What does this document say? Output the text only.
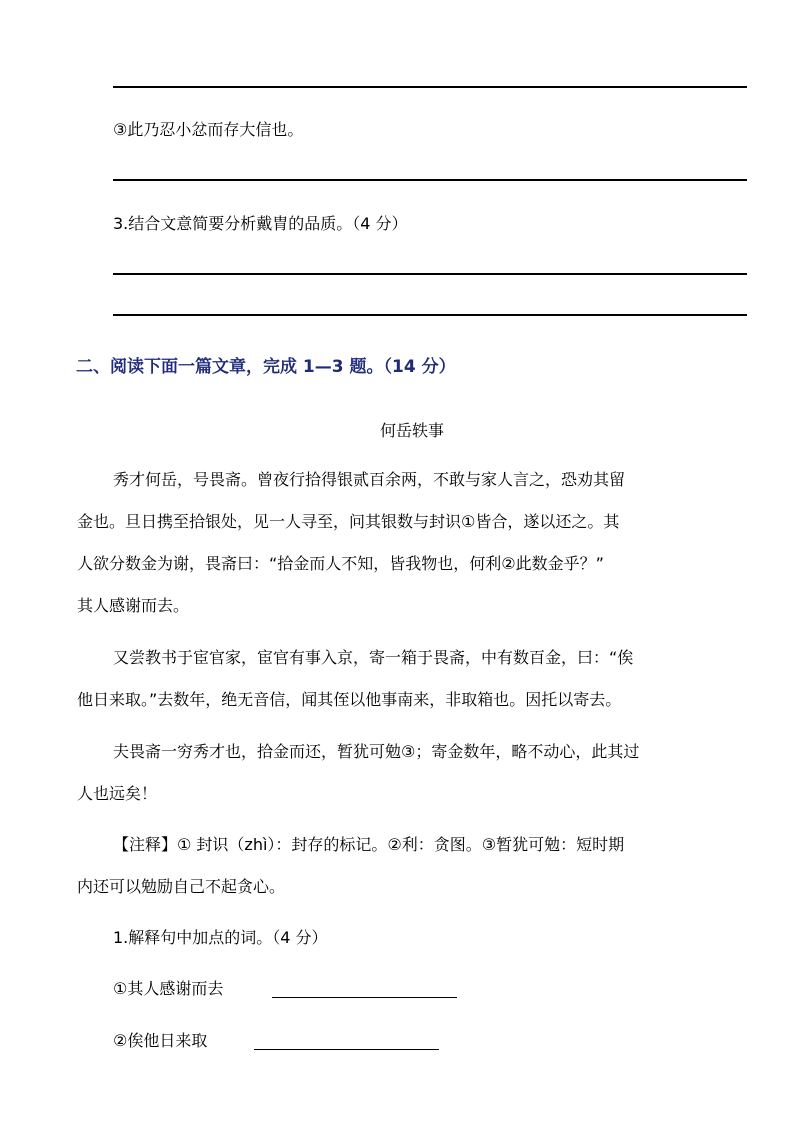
③此乃忍小忿而存大信也。
3.结合文意简要分析戴胄的品质。（4 分）
二、阅读下面一篇文章，完成 1—3 题。（14 分）
何岳轶事
秀才何岳，号畏斋。曾夜行拾得银贰百余两，不敢与家人言之，恐劝其留
金也。旦日携至拾银处，见一人寻至，问其银数与封识①皆合，遂以还之。其
人欲分数金为谢，畏斋曰：“拾金而人不知，皆我物也，何利②此数金乎？”
其人感谢而去。
又尝教书于宦官家，宦官有事入京，寄一箱于畏斋，中有数百金，曰：“俟
他日来取。”去数年，绝无音信，闻其侄以他事南来，非取箱也。因托以寄去。
夫畏斋一穷秀才也，拾金而还，暂犹可勉③；寄金数年，略不动心，此其过
人也远矣！
【注释】① 封识（zhì）：封存的标记。②利：贪图。③暂犹可勉：短时期
内还可以勉励自己不起贪心。
1.解释句中加点的词。（4 分）
①其人感谢而去
②俟他日来取
